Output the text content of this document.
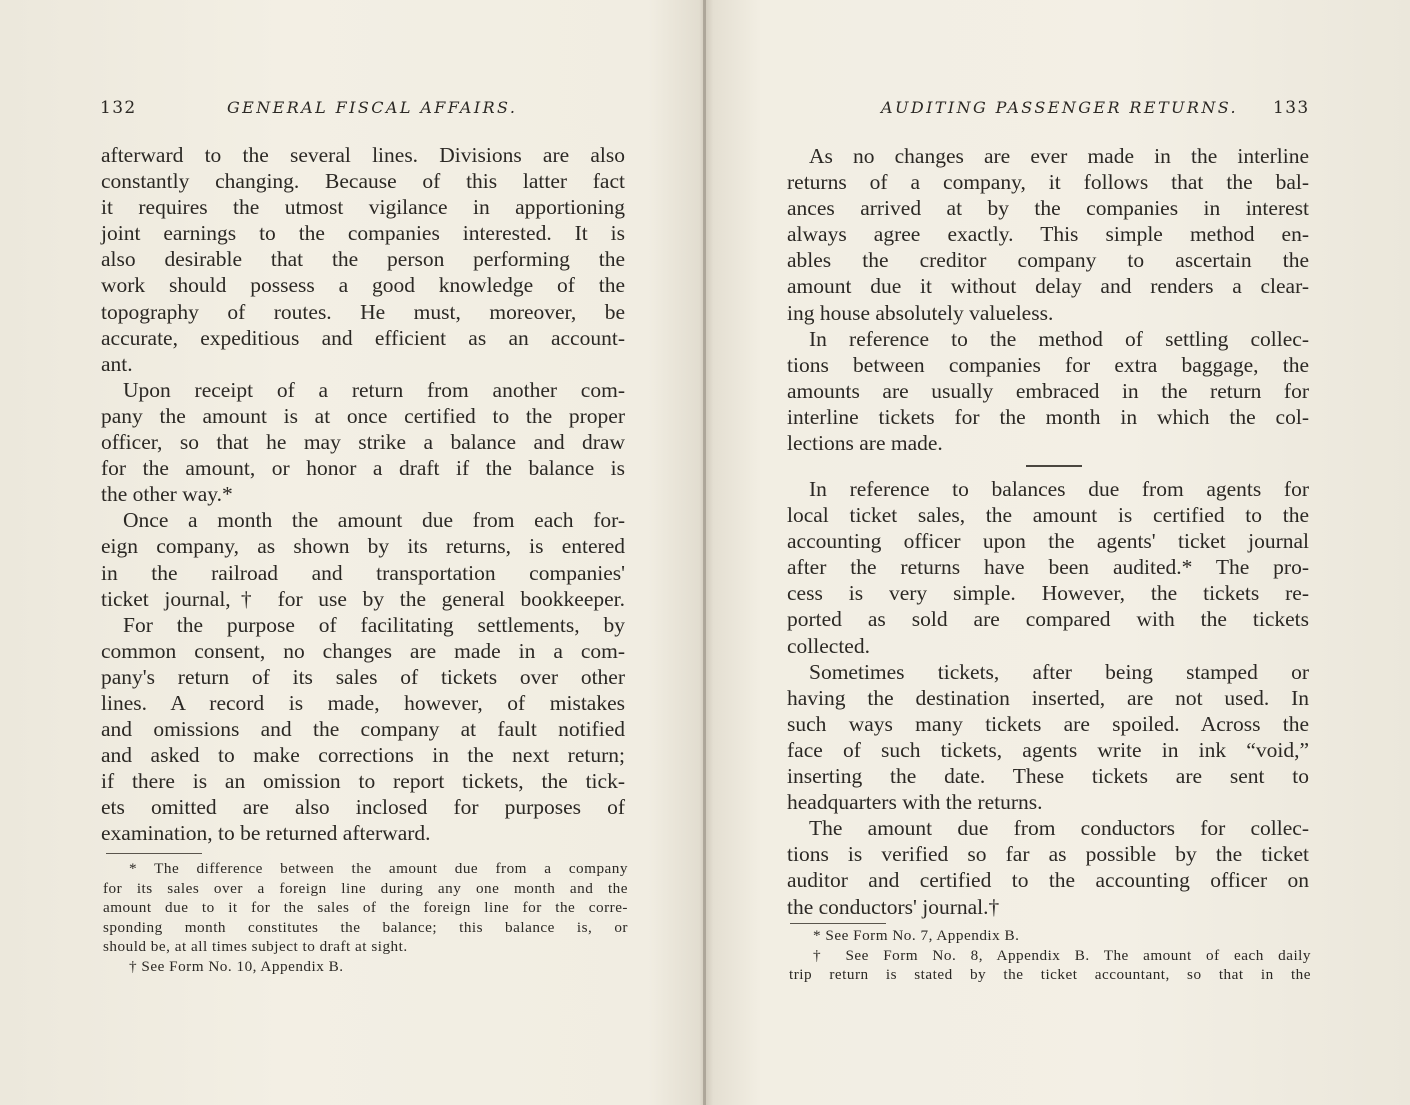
132	GENERAL FISCAL AFFAIRS.
afterward to the several lines. Divisions are also
constantly changing. Because of this latter fact
it requires the utmost vigilance in apportioning
joint earnings to the companies interested. It is
also desirable that the person performing the
work should possess a good knowledge of the
topography of routes. He must, moreover, be
accurate, expeditious and efficient as an account-
ant.
Upon receipt of a return from another com-
pany the amount is at once certified to the proper
officer, so that he may strike a balance and draw
for the amount, or honor a draft if the balance is
the other way.*
Once a month the amount due from each for-
eign company, as shown by its returns, is entered
in the railroad and transportation companies'
ticket journal,† for use by the general bookkeeper.
For the purpose of facilitating settlements, by
common consent, no changes are made in a com-
pany's return of its sales of tickets over other
lines. A record is made, however, of mistakes
and omissions and the company at fault notified
and asked to make corrections in the next return;
if there is an omission to report tickets, the tick-
ets omitted are also inclosed for purposes of
examination, to be returned afterward.
* The difference between the amount due from a company
for its sales over a foreign line during any one month and the
amount due to it for the sales of the foreign line for the corre-
sponding month constitutes the balance; this balance is, or
should be, at all times subject to draft at sight.
† See Form No. 10, Appendix B.
AUDITING PASSENGER RETURNS. 133
As no changes are ever made in the interline
returns of a company, it follows that the bal-
ances arrived at by the companies in interest
always agree exactly. This simple method en-
ables the creditor company to ascertain the
amount due it without delay and renders a clear-
ing house absolutely valueless.
In reference to the method of settling collec-
tions between companies for extra baggage, the
amounts are usually embraced in the return for
interline tickets for the month in which the col-
lections are made.
In reference to balances due from agents for
local ticket sales, the amount is certified to the
accounting officer upon the agents' ticket journal
after the returns have been audited.* The pro-
cess is very simple. However, the tickets re-
ported as sold are compared with the tickets
collected.
Sometimes tickets, after being stamped or
having the destination inserted, are not used. In
such ways many tickets are spoiled. Across the
face of such tickets, agents write in ink “void,”
inserting the date. These tickets are sent to
headquarters with the returns.
The amount due from conductors for collec-
tions is verified so far as possible by the ticket
auditor and certified to the accounting officer on
the conductors' journal.†
* See Form No. 7, Appendix B.
† See Form No. 8, Appendix B. The amount of each daily
trip return is stated by the ticket accountant, so that in the
